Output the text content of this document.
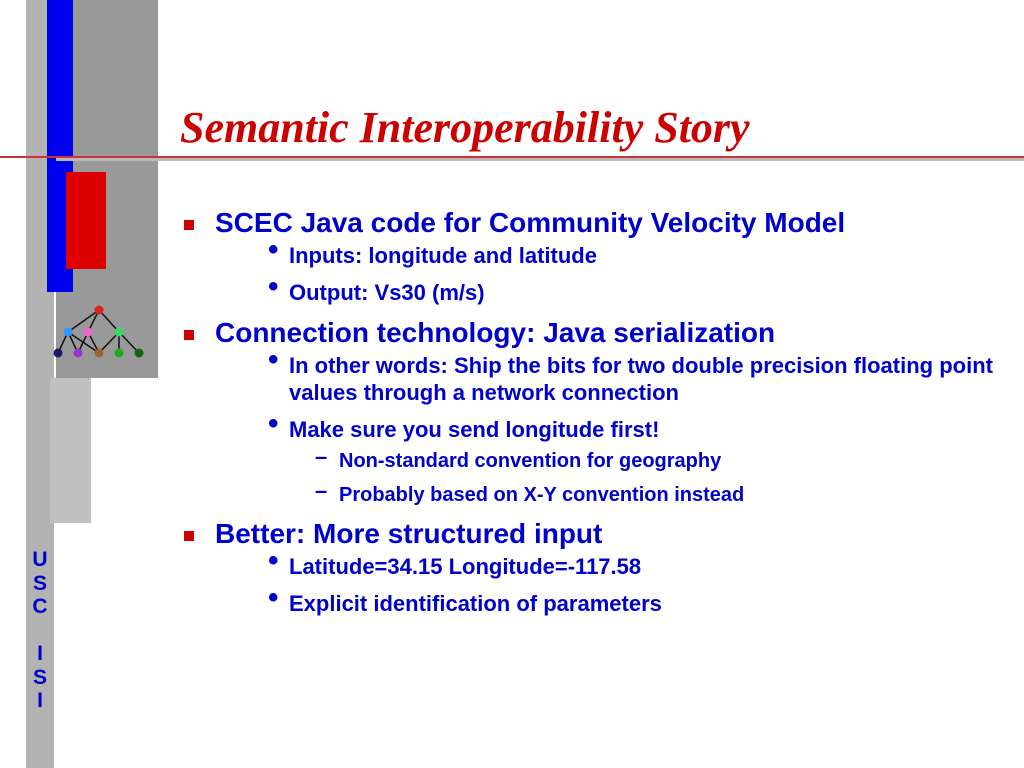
Semantic Interoperability Story
U
S
C
I
S
I
SCEC Java code for Community Velocity Model
• Inputs: longitude and latitude
• Output: Vs30 (m/s)
Connection technology: Java serialization
• In other words: Ship the bits for two double precision floating point values through a network connection
• Make sure you send longitude first!
– Non-standard convention for geography
– Probably based on X-Y convention instead
Better: More structured input
• Latitude=34.15 Longitude=-117.58
• Explicit identification of parameters
